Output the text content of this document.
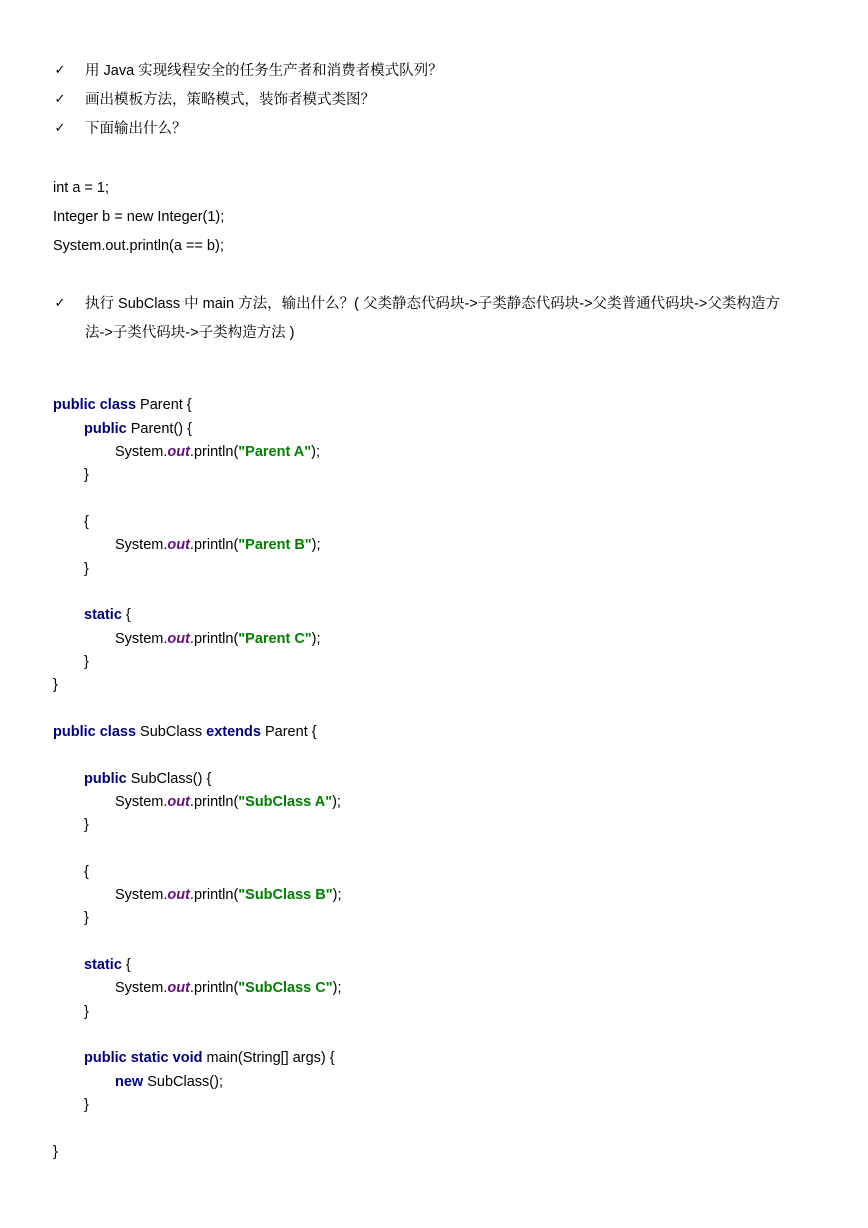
✓ 用 Java 实现线程安全的任务生产者和消费者模式队列？
✓ 画出模板方法，策略模式，装饰者模式类图？
✓ 下面输出什么？
int a = 1;
Integer b = new Integer(1);
System.out.println(a == b);
✓ 执行 SubClass 中 main 方法，输出什么？( 父类静态代码块->子类静态代码块->父类普通代码块->父类构造方
法->子类代码块->子类构造方法 )
public class Parent {
public Parent() {
System.out.println("Parent A");
}
{
System.out.println("Parent B");
}
static {
System.out.println("Parent C");
}
}
public class SubClass extends Parent {
public SubClass() {
System.out.println("SubClass A");
}
{
System.out.println("SubClass B");
}
static {
System.out.println("SubClass C");
}
public static void main(String[] args) {
new SubClass();
}
}
